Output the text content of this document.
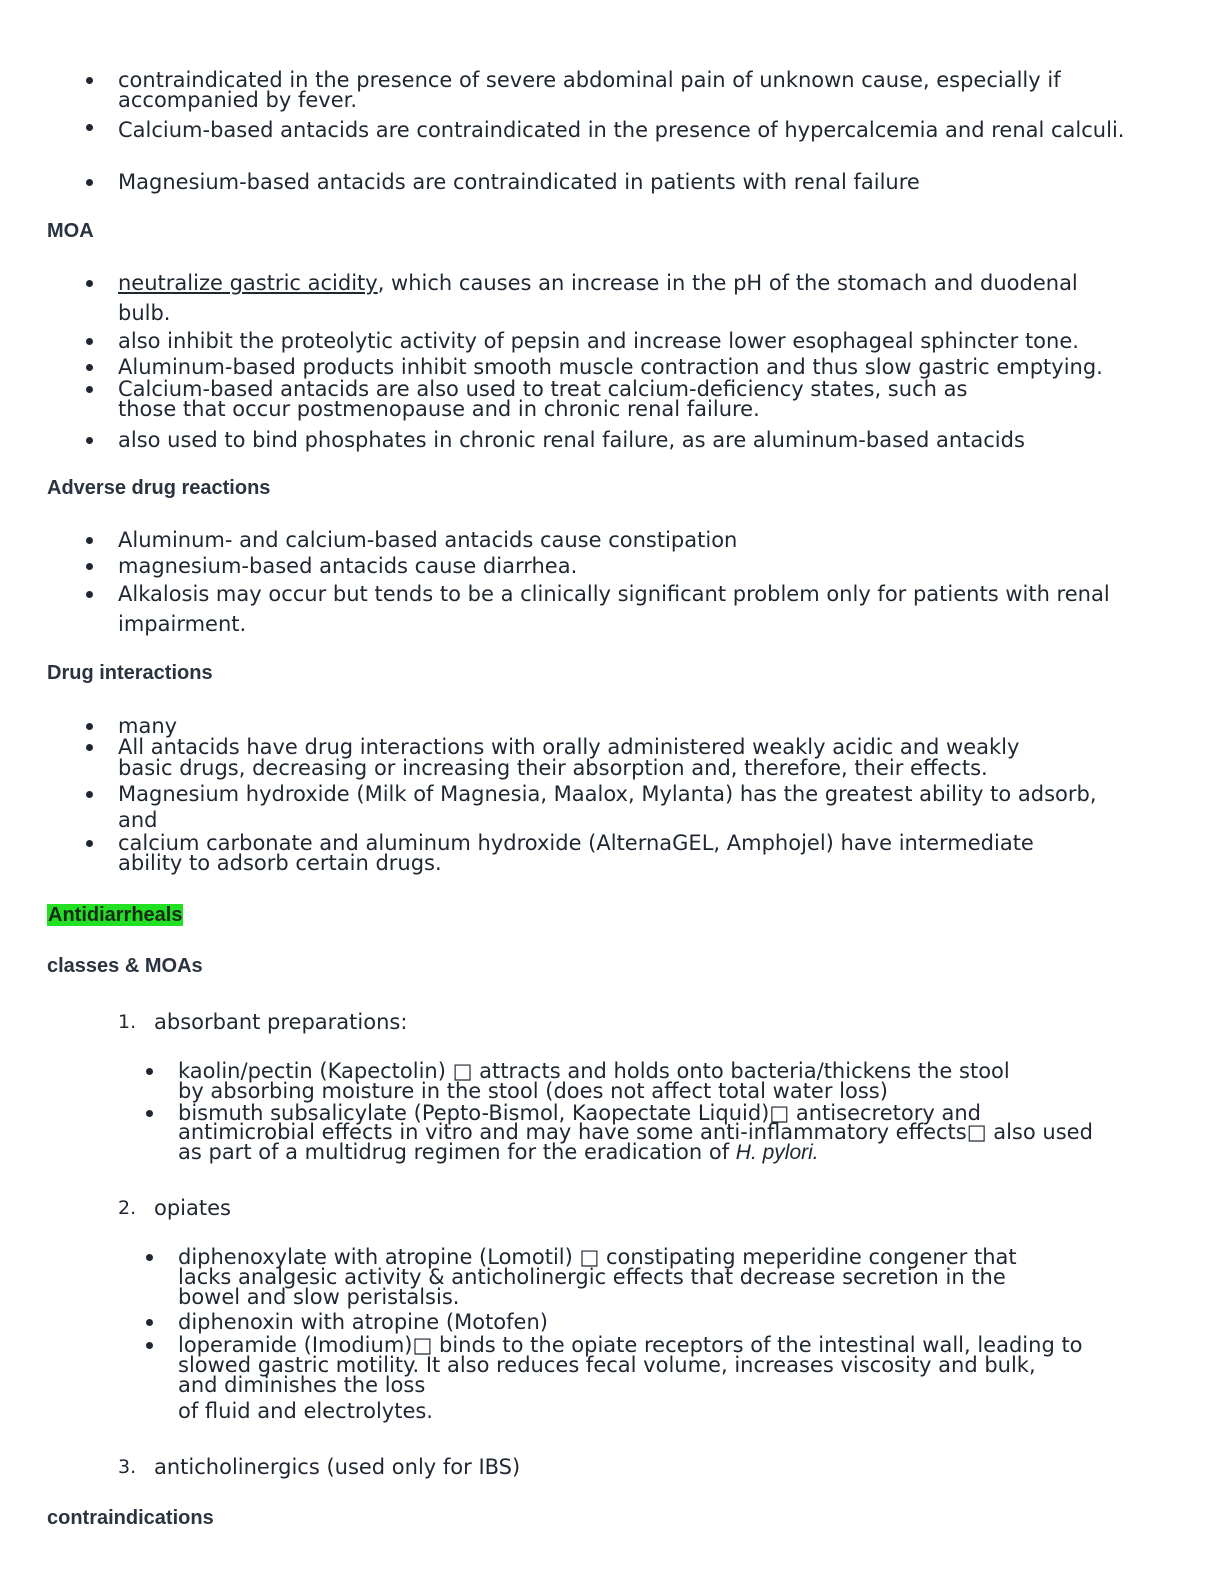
contraindicated in the presence of severe abdominal pain of unknown cause, especially if accompanied by fever.
Calcium-based antacids are contraindicated in the presence of hypercalcemia and renal calculi.
Magnesium-based antacids are contraindicated in patients with renal failure
MOA
neutralize gastric acidity, which causes an increase in the pH of the stomach and duodenal
bulb.
also inhibit the proteolytic activity of pepsin and increase lower esophageal sphincter tone.
Aluminum-based products inhibit smooth muscle contraction and thus slow gastric emptying.
Calcium-based antacids are also used to treat calcium-deficiency states, such as
those that occur postmenopause and in chronic renal failure.
also used to bind phosphates in chronic renal failure, as are aluminum-based antacids
Adverse drug reactions
Aluminum- and calcium-based antacids cause constipation
magnesium-based antacids cause diarrhea.
Alkalosis may occur but tends to be a clinically significant problem only for patients with renal
impairment.
Drug interactions
many
All antacids have drug interactions with orally administered weakly acidic and weakly
basic drugs, decreasing or increasing their absorption and, therefore, their effects.
Magnesium hydroxide (Milk of Magnesia, Maalox, Mylanta) has the greatest ability to adsorb,
and
calcium carbonate and aluminum hydroxide (AlternaGEL, Amphojel) have intermediate
ability to adsorb certain drugs.
Antidiarrheals
classes & MOAs
1. absorbant preparations:
kaolin/pectin (Kapectolin) □ attracts and holds onto bacteria/thickens the stool
by absorbing moisture in the stool (does not affect total water loss)
bismuth subsalicylate (Pepto-Bismol, Kaopectate Liquid)□ antisecretory and
antimicrobial effects in vitro and may have some anti-inflammatory effects□ also used
as part of a multidrug regimen for the eradication of H. pylori.
2. opiates
diphenoxylate with atropine (Lomotil) □ constipating meperidine congener that
lacks analgesic activity & anticholinergic effects that decrease secretion in the
bowel and slow peristalsis.
diphenoxin with atropine (Motofen)
loperamide (Imodium)□ binds to the opiate receptors of the intestinal wall, leading to
slowed gastric motility. It also reduces fecal volume, increases viscosity and bulk,
and diminishes the loss
of fluid and electrolytes.
3. anticholinergics (used only for IBS)
contraindications
